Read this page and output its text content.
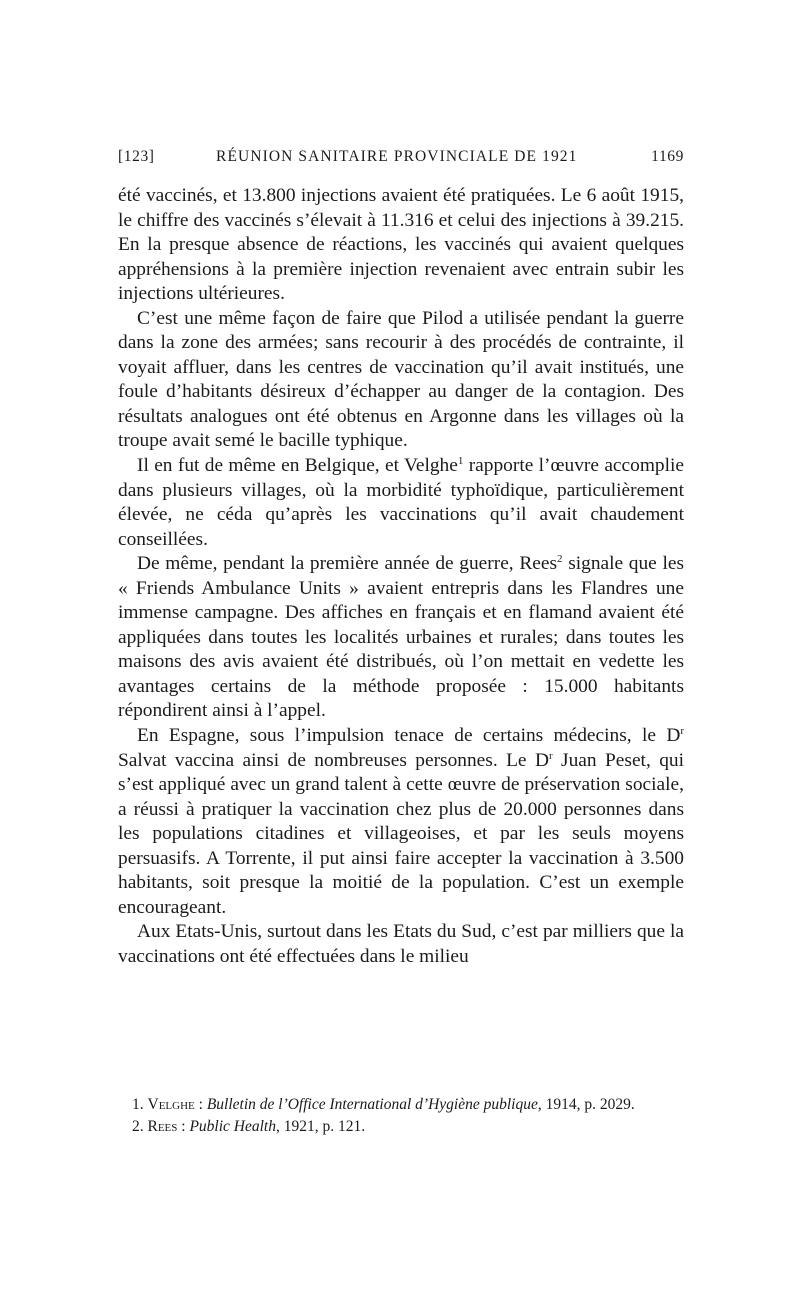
[123]	RÉUNION SANITAIRE PROVINCIALE DE 1921	1169

été vaccinés, et 13.800 injections avaient été pratiquées. Le 6 août 1915, le chiffre des vaccinés s’élevait à 11.316 et celui des injections à 39.215. En la presque absence de réactions, les vaccinés qui avaient quelques appréhensions à la première injection revenaient avec entrain subir les injections ultérieures.

C’est une même façon de faire que Pilod a utilisée pendant la guerre dans la zone des armées; sans recourir à des procédés de contrainte, il voyait affluer, dans les centres de vaccination qu’il avait institués, une foule d’habitants désireux d’échapper au danger de la contagion. Des résultats analogues ont été obtenus en Argonne dans les villages où la troupe avait semé le bacille typhique.

Il en fut de même en Belgique, et Velghe$^1$ rapporte l’œuvre accomplie dans plusieurs villages, où la morbidité typhoïdique, particulièrement élevée, ne céda qu’après les vaccinations qu’il avait chaudement conseillées.

De même, pendant la première année de guerre, Rees$^2$ signale que les « Friends Ambulance Units » avaient entrepris dans les Flandres une immense campagne. Des affiches en français et en flamand avaient été appliquées dans toutes les localités urbaines et rurales; dans toutes les maisons des avis avaient été distribués, où l’on mettait en vedette les avantages certains de la méthode proposée : 15.000 habitants répondirent ainsi à l’appel.

En Espagne, sous l’impulsion tenace de certains médecins, le $D^r$ Salvat vaccina ainsi de nombreuses personnes. Le $D^r$ Juan Peset, qui s’est appliqué avec un grand talent à cette œuvre de préservation sociale, a réussi à pratiquer la vaccination chez plus de 20.000 personnes dans les populations citadines et villageoises, et par les seuls moyens persuasifs. A Torrente, il put ainsi faire accepter la vaccination à 3.500 habitants, soit presque la moitié de la population. C’est un exemple encourageant.

Aux Etats-Unis, surtout dans les Etats du Sud, c’est par milliers que la vaccinations ont été effectuées dans le milieu

1. Velghe : Bulletin de l’Office International d’Hygiène publique, 1914, p. 2029.

2. Rees : Public Health, 1921, p. 121.
